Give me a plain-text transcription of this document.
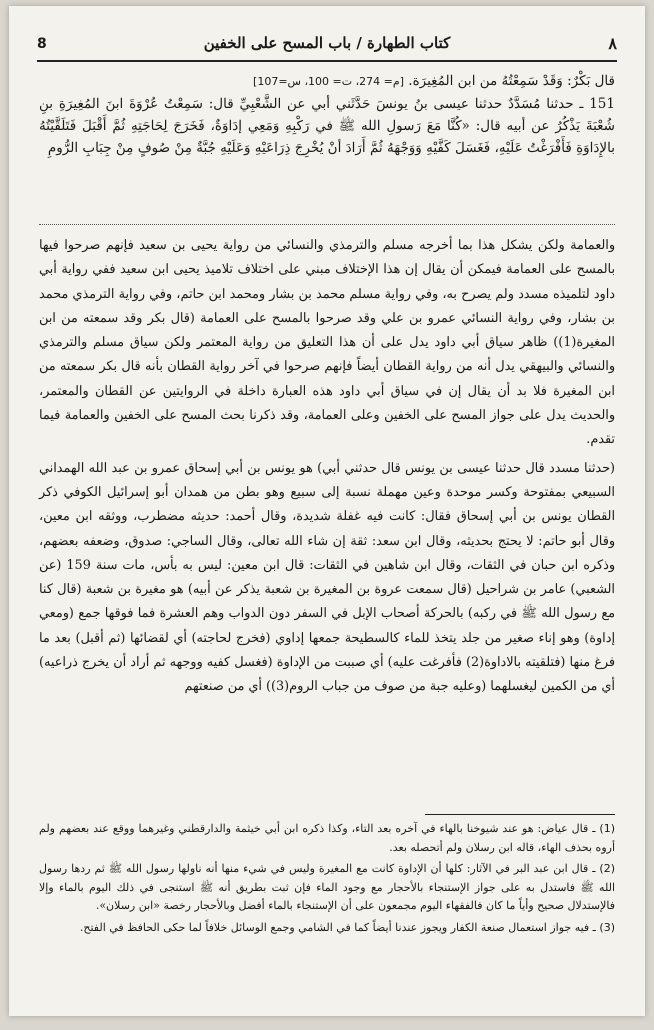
٨
كتاب الطهارة / باب المسح على الخفين
8

قال بَكْرٌ: وَقَدْ سَمِعْتُهُ من ابن المُغِيرَة. [م= 274، ت= 100، س=107]

151 ـ حدثنا مُسَدَّدٌ حدثنا عيسى بنُ يونسَ حَدَّثَني أبي عن الشَّعْبِيِّ قال: سَمِعْتُ عُرْوَةَ ابنَ المُغِيرَةِ بنِ شُعْبَةَ يَذْكُرُ عن أبيه قال: «كُنَّا مَعَ رَسولِ الله ﷺ في رَكْبِهِ وَمَعِي إدَاوَةٌ، فَخَرَجَ لِحَاجَتِهِ ثُمَّ أَقْبَلَ فَتَلَقَّيْتُهُ بالإِدَاوَةِ فَأَفْرَغْتُ عَلَيْهِ، فَغَسَلَ كَفَّيْهِ وَوَجْهَهُ ثُمَّ أَرَادَ أنْ يُخْرِجَ ذِرَاعَيْهِ وَعَلَيْهِ جُبَّةٌ مِنْ صُوفٍ مِنْ جِبَابِ الرُّومِ

والعمامة ولكن يشكل هذا بما أخرجه مسلم والترمذي والنسائي من رواية يحيى بن سعيد فإنهم صرحوا فيها بالمسح على العمامة فيمكن أن يقال إن هذا الإختلاف مبني على اختلاف تلاميذ يحيى ابن سعيد ففي رواية أبي داود لتلميذه مسدد ولم يصرح به، وفي رواية مسلم محمد بن بشار ومحمد ابن حاتم، وفي رواية الترمذي محمد بن بشار، وفي رواية النسائي عمرو بن علي وقد صرحوا بالمسح على العمامة (قال بكر وقد سمعته من ابن المغيرة(1)) ظاهر سياق أبي داود يدل على أن هذا التعليق من رواية المعتمر ولكن سياق مسلم والترمذي والنسائي والبيهقي يدل أنه من رواية القطان أيضاً فإنهم صرحوا في آخر رواية القطان بأنه قال بكر سمعته من ابن المغيرة فلا بد أن يقال إن في سياق أبي داود هذه العبارة داخلة في الروايتين عن القطان والمعتمر، والحديث يدل على جواز المسح على الخفين وعلى العمامة، وقد ذكرنا بحث المسح على الخفين والعمامة فيما تقدم.

(حدثنا مسدد قال حدثنا عيسى بن يونس قال حدثني أبي) هو يونس بن أبي إسحاق عمرو بن عبد الله الهمداني السبيعي بمفتوحة وكسر موحدة وعين مهملة نسبة إلى سبيع وهو بطن من همدان أبو إسرائيل الكوفي ذكر القطان يونس بن أبي إسحاق فقال: كانت فيه غفلة شديدة، وقال أحمد: حديثه مضطرب، ووثقه ابن معين، وقال أبو حاتم: لا يحتج بحديثه، وقال ابن سعد: ثقة إن شاء الله تعالى، وقال الساجي: صدوق، وضعفه بعضهم، وذكره ابن حبان في الثقات، وقال ابن شاهين في الثقات: قال ابن معين: ليس به بأس، مات سنة 159 (عن الشعبي) عامر بن شراحيل (قال سمعت عروة بن المغيرة بن شعبة يذكر عن أبيه) هو مغيرة بن شعبة (قال كنا مع رسول الله ﷺ في ركبه) بالحركة أصحاب الإبل في السفر دون الدواب وهم العشرة فما فوقها جمع (ومعي إداوة) وهو إناء صغير من جلد يتخذ للماء كالسطيحة جمعها إداوي (فخرج لحاجته) أي لقضائها (ثم أقبل) بعد ما فرغ منها (فتلقيته بالاداوة(2) فأفرغت عليه) أي صببت من الإداوة (فغسل كفيه ووجهه ثم أراد أن يخرج ذراعيه) أي من الكمين ليغسلهما (وعليه جبة من صوف من جباب الروم(3)) أي من صنعتهم

(1) ـ قال عياض: هو عند شيوخنا بالهاء في آخره بعد التاء، وكذا ذكره ابن أبي خيثمة والدارقطني وغيرهما ووقع عند بعضهم ولم أروه بحذف الهاء، قاله ابن رسلان ولم أتحصله بعد.

(2) ـ قال ابن عبد البر في الآثار: كلها أن الإداوة كانت مع المغيرة وليس في شيء منها أنه ناولها رسول الله ﷺ ثم ردها رسول الله ﷺ فاستدل به على جواز الإستنجاء بالأحجار مع وجود الماء فإن ثبت بطريق أنه ﷺ استنجى في ذلك اليوم بالماء وإلا فالإستدلال صحيح وأياً ما كان فالفقهاء اليوم مجمعون على أن الإستنجاء بالماء أفضل وبالأحجار رخصة «ابن رسلان».

(3) ـ فيه جواز استعمال صنعة الكفار ويجوز عندنا أيضاً كما في الشامي وجمع الوسائل خلافاً لما حكى الحافظ في الفتح.
